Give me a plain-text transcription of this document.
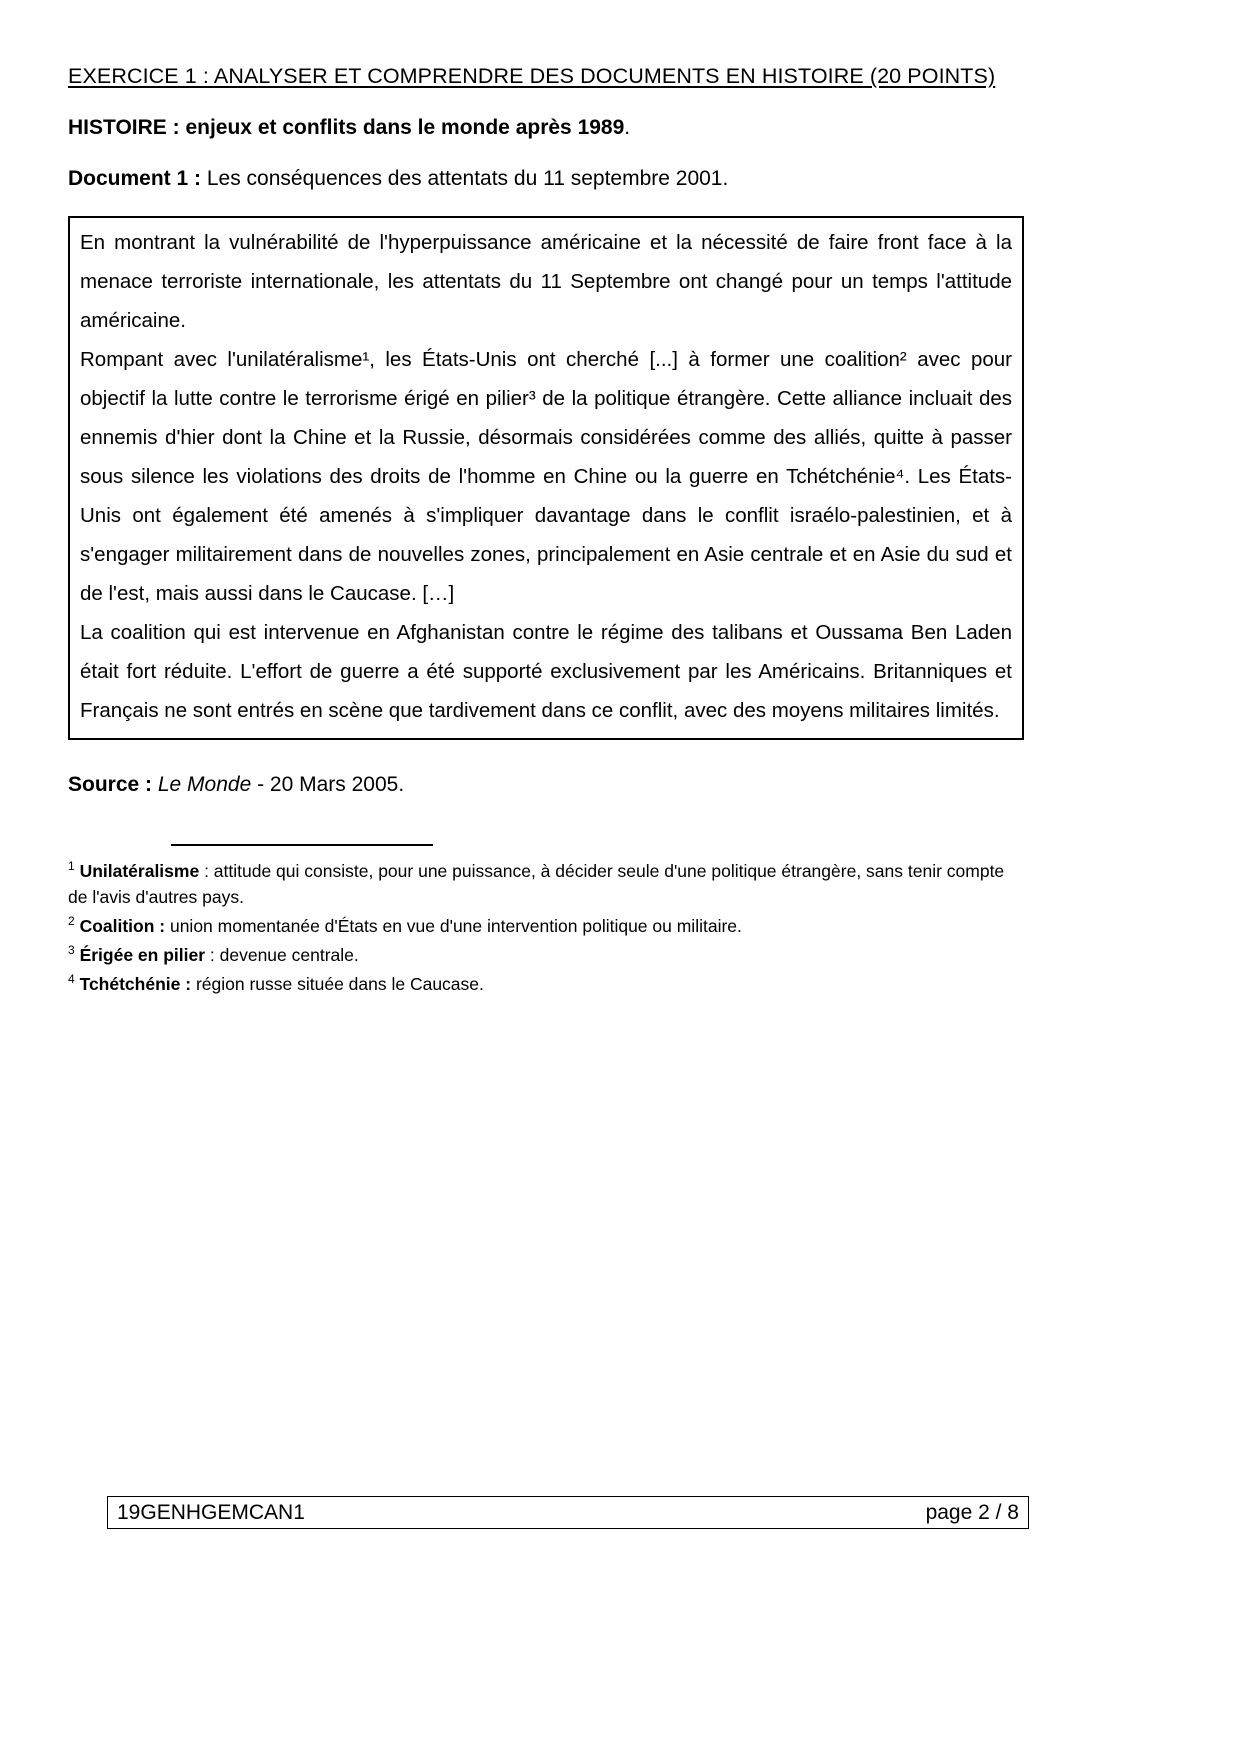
EXERCICE 1 : ANALYSER ET COMPRENDRE DES DOCUMENTS EN HISTOIRE (20 POINTS)

HISTOIRE : enjeux et conflits dans le monde après 1989.

Document 1 : Les conséquences des attentats du 11 septembre 2001.

En montrant la vulnérabilité de l'hyperpuissance américaine et la nécessité de faire front face à la menace terroriste internationale, les attentats du 11 Septembre ont changé pour un temps l'attitude américaine.

Rompant avec l'unilatéralisme¹, les États-Unis ont cherché [...] à former une coalition² avec pour objectif la lutte contre le terrorisme érigé en pilier³ de la politique étrangère. Cette alliance incluait des ennemis d'hier dont la Chine et la Russie, désormais considérées comme des alliés, quitte à passer sous silence les violations des droits de l'homme en Chine ou la guerre en Tchétchénie⁴. Les États-Unis ont également été amenés à s'impliquer davantage dans le conflit israélo-palestinien, et à s'engager militairement dans de nouvelles zones, principalement en Asie centrale et en Asie du sud et de l'est, mais aussi dans le Caucase. […]

La coalition qui est intervenue en Afghanistan contre le régime des talibans et Oussama Ben Laden était fort réduite. L'effort de guerre a été supporté exclusivement par les Américains. Britanniques et Français ne sont entrés en scène que tardivement dans ce conflit, avec des moyens militaires limités.

Source : Le Monde - 20 Mars 2005.

$^1$ Unilatéralisme : attitude qui consiste, pour une puissance, à décider seule d'une politique étrangère, sans tenir compte de l'avis d'autres pays.

$^2$ Coalition : union momentanée d'États en vue d'une intervention politique ou militaire.

$^3$ Érigée en pilier : devenue centrale.

$^4$ Tchétchénie : région russe située dans le Caucase.

19GENHGEMCAN1	page 2 / 8
